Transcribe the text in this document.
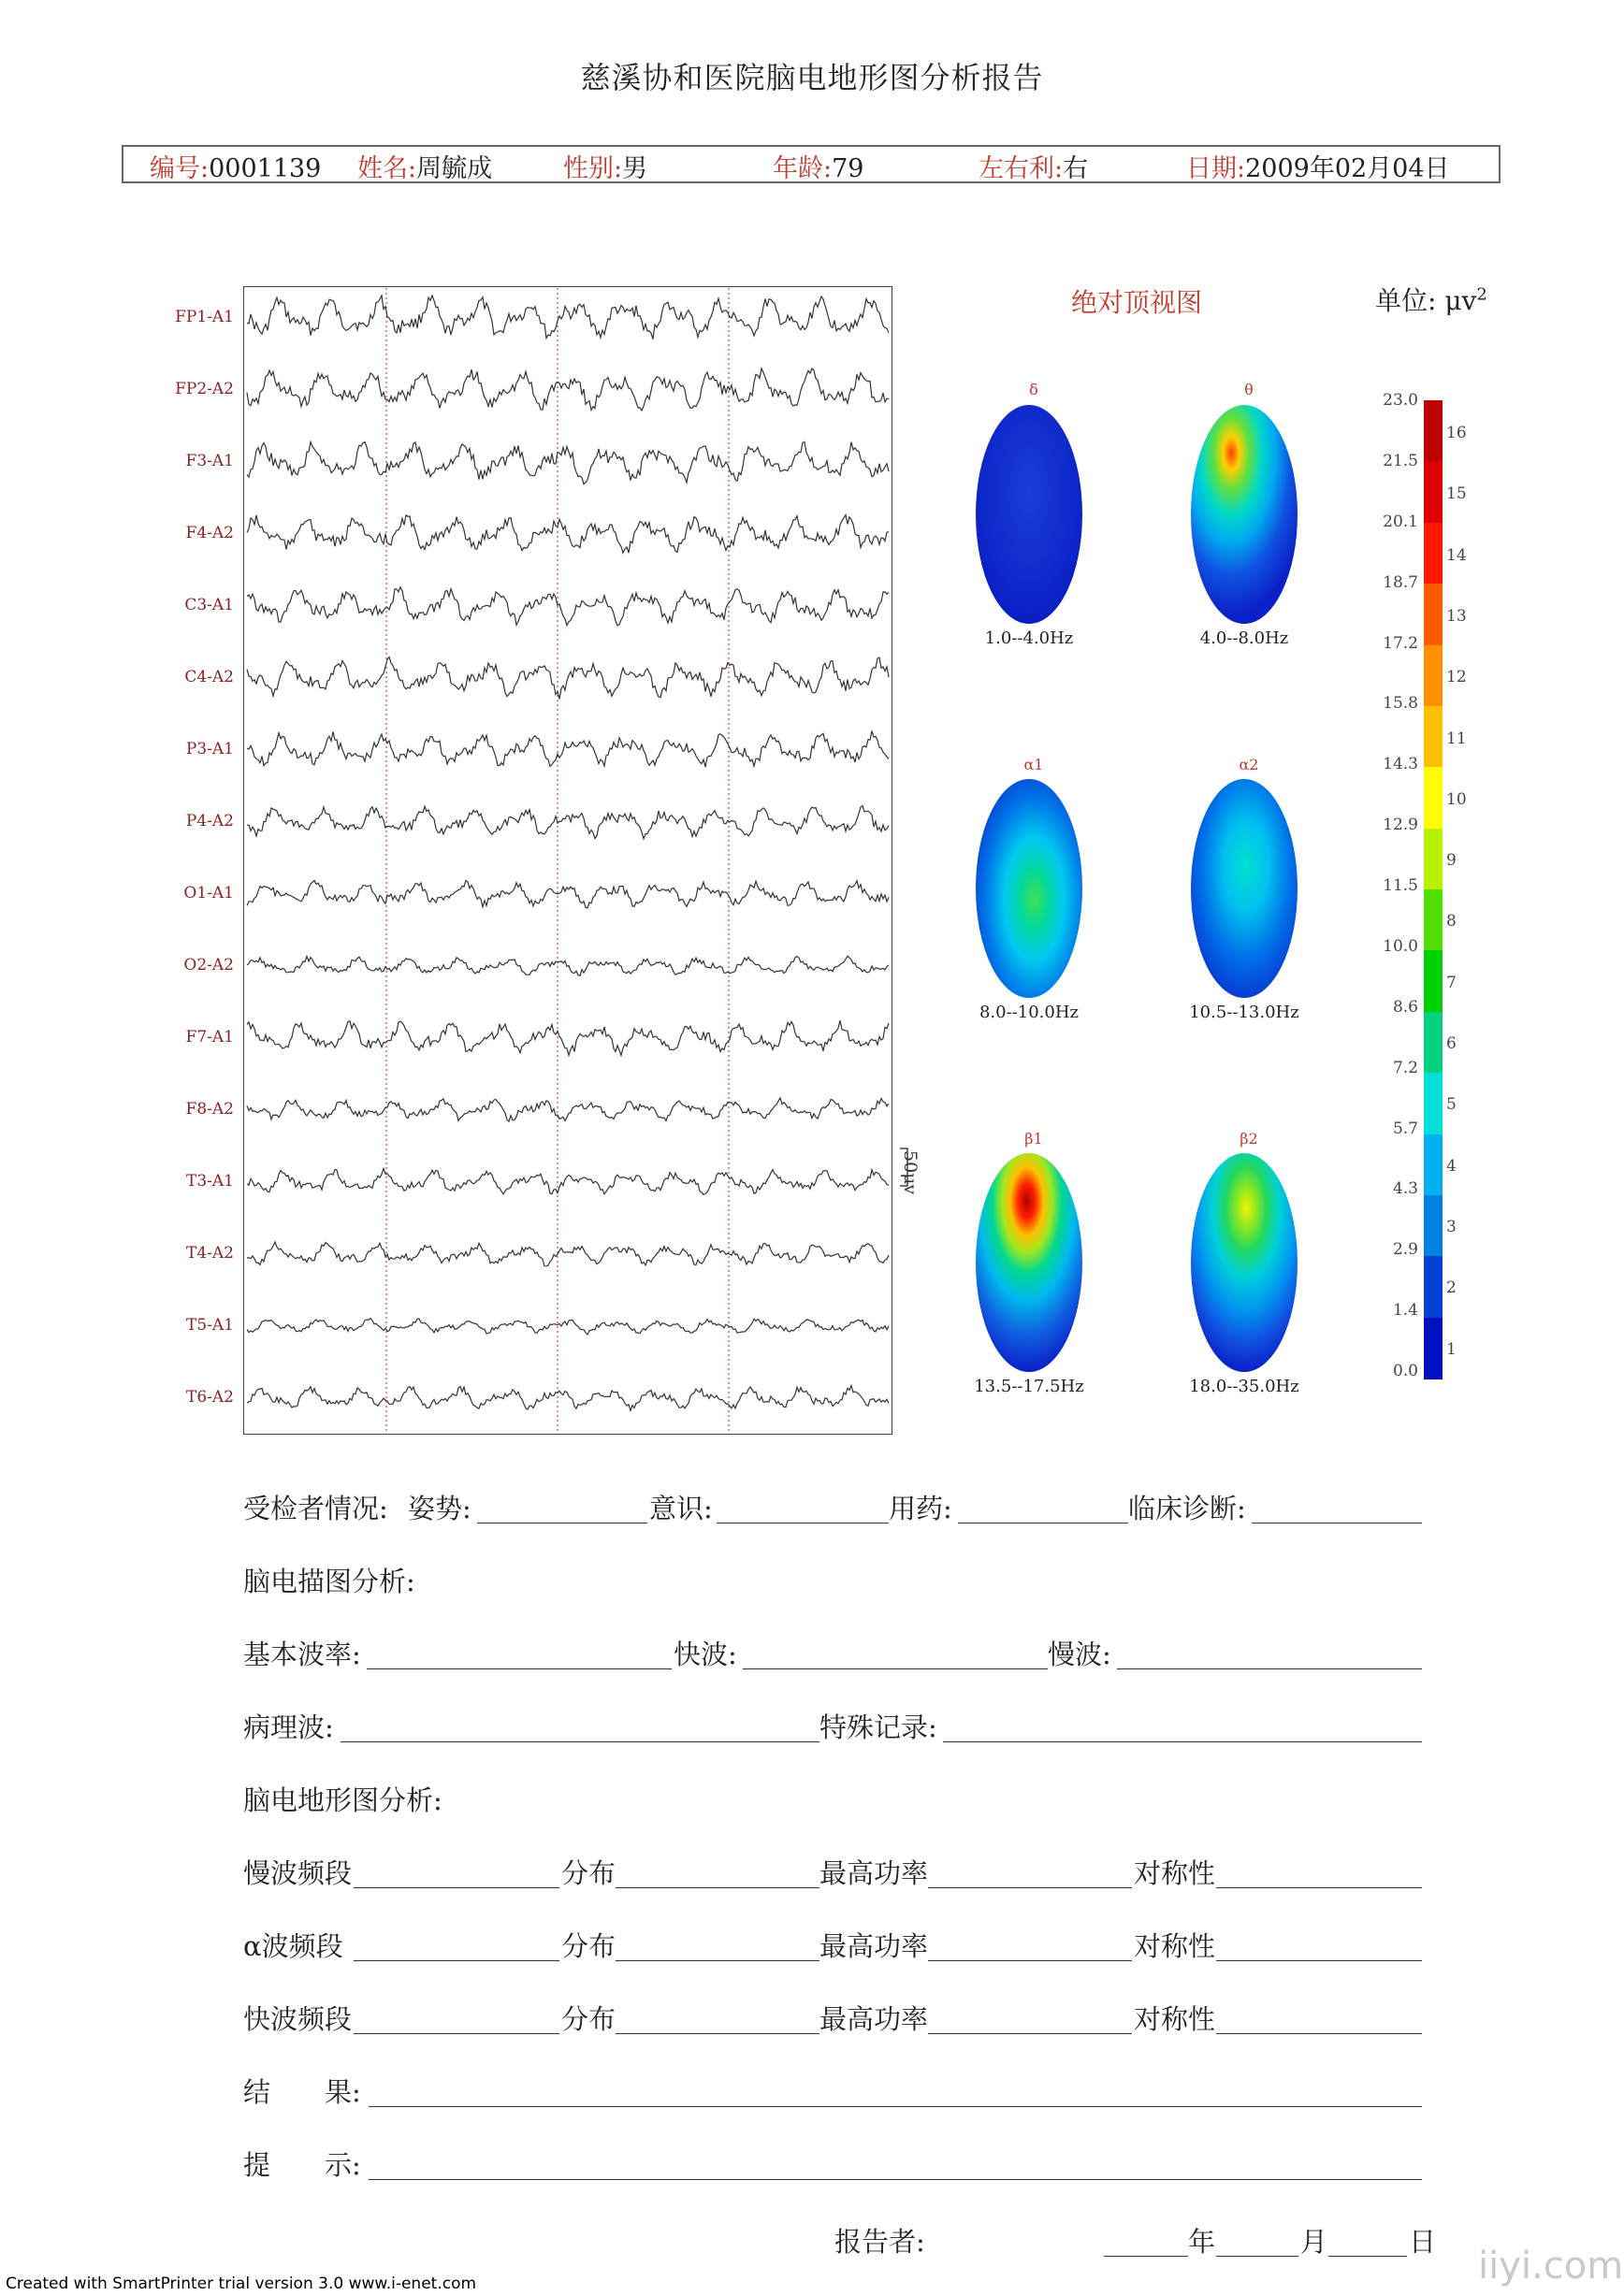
慈溪协和医院脑电地形图分析报告
编号:0001139 姓名:周毓成	性别:男	年龄:79	左右利:右	日期:2009年02月04日
FP1-A1
FP2-A2
F3-A1
F4-A2
C3-A1
C4-A2
P3-A1
P4-A2
O1-A1
O2-A2
F7-A1
F8-A2
T3-A1
T4-A2
T5-A1
T6-A2
50μv
绝对顶视图	单位: $\mu v^2$
δ	θ
α1	α2
β1	β2
1.0--4.0Hz	4.0--8.0Hz
8.0--10.0Hz	10.5--13.0Hz
13.5--17.5Hz	18.0--35.0Hz
23.0
21.5
20.1
18.7
17.2
15.8
14.3
12.9
11.5
10.0
8.6
7.2
5.7
4.3
2.9
1.4
0.0
16
15
14
13
12
11
10
9
8
7
6
5
4
3
2
1
受检者情况: 姿势:	意识:	用药:	临床诊断:
脑电描图分析:
基本波率:	快波:	慢波:
病理波:	特殊记录:
脑电地形图分析:
慢波频段	分布	最高功率	对称性
α波频段	分布	最高功率	对称性
快波频段	分布	最高功率	对称性
结　　果:
提　　示:
报告者:	年	月	日
iiyi.com
Created with SmartPrinter trial version 3.0 www.i-enet.com
